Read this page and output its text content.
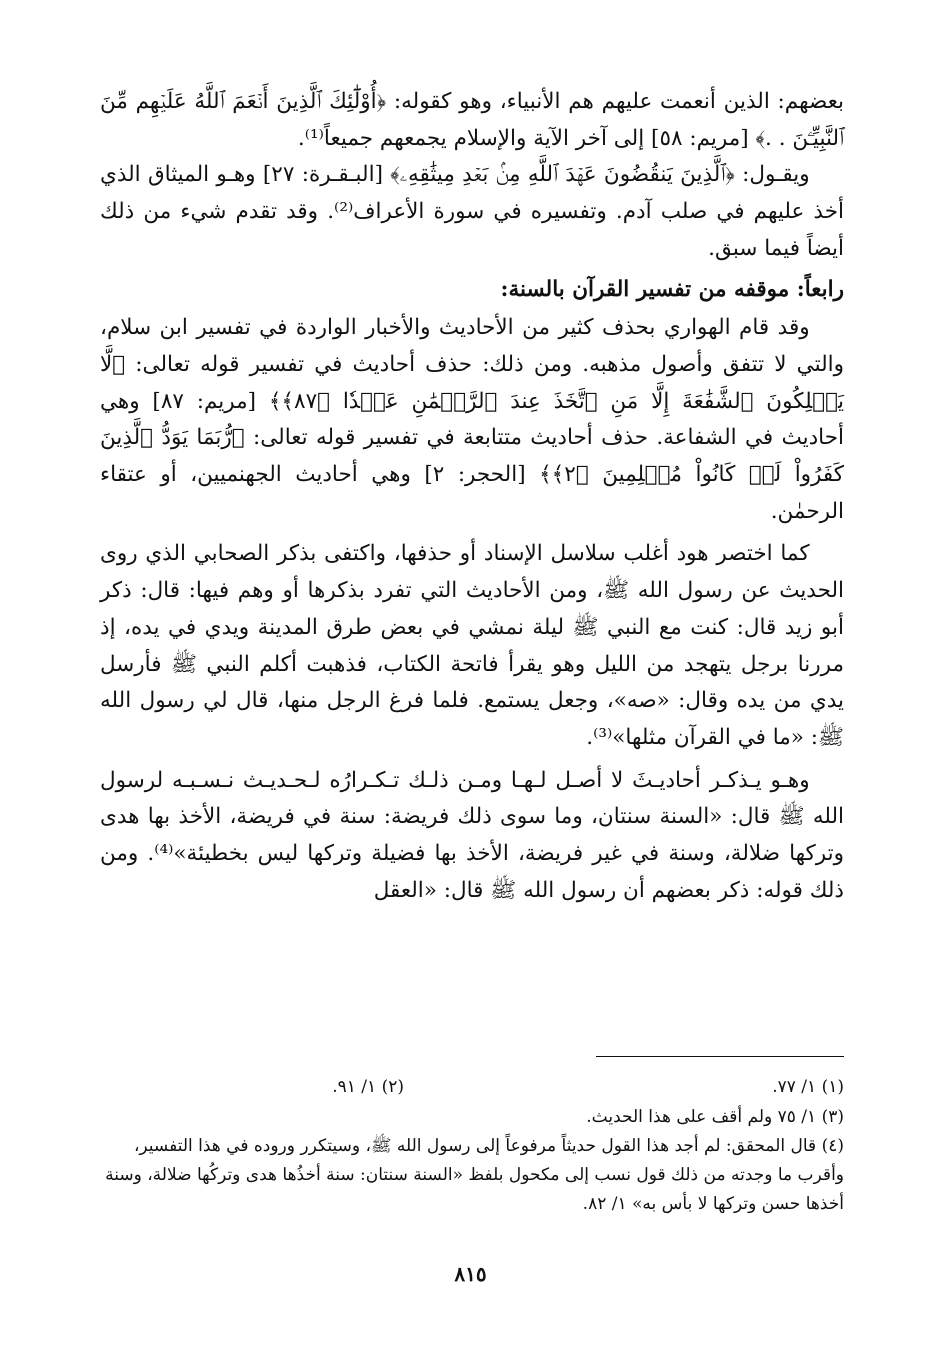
بعضهم: الذين أنعمت عليهم هم الأنبياء، وهو كقوله: ﴿أُوْلَٰٓئِكَ ٱلَّذِينَ أَنۡعَمَ ٱللَّهُ عَلَيۡهِم مِّنَ ٱلنَّبِيِّـۧنَ . .﴾ [مريم: ٥٨] إلى آخر الآية والإسلام يجمعهم جميعاً⁽¹⁾.

ويقـول: ﴿ٱلَّذِينَ يَنقُضُونَ عَهۡدَ ٱللَّهِ مِنۢ بَعۡدِ مِيثَٰقِهِۦ﴾ [البـقـرة: ٢٧] وهـو الميثاق الذي أخذ عليهم في صلب آدم. وتفسيره في سورة الأعراف⁽²⁾. وقد تقدم شيء من ذلك أيضاً فيما سبق.

رابعاً: موقفه من تفسير القرآن بالسنة:

وقد قام الهواري بحذف كثير من الأحاديث والأخبار الواردة في تفسير ابن سلام، والتي لا تتفق وأصول مذهبه. ومن ذلك: حذف أحاديث في تفسير قوله تعالى: ﴿لَّا يَمۡلِكُونَ ٱلشَّفَٰعَةَ إِلَّا مَنِ ٱتَّخَذَ عِندَ ٱلرَّحۡمَٰنِ عَهۡدٗا ﴿٨٧﴾﴾ [مريم: ٨٧] وهي أحاديث في الشفاعة. حذف أحاديث متتابعة في تفسير قوله تعالى: ﴿رُّبَمَا يَوَدُّ ٱلَّذِينَ كَفَرُواْ لَوۡ كَانُواْ مُسۡلِمِينَ ﴿٢﴾﴾ [الحجر: ٢] وهي أحاديث الجهنميين، أو عتقاء الرحمٰن.

كما اختصر هود أغلب سلاسل الإسناد أو حذفها، واكتفى بذكر الصحابي الذي روى الحديث عن رسول الله ﷺ، ومن الأحاديث التي تفرد بذكرها أو وهم فيها: قال: ذكر أبو زيد قال: كنت مع النبي ﷺ ليلة نمشي في بعض طرق المدينة ويدي في يده، إذ مررنا برجل يتهجد من الليل وهو يقرأ فاتحة الكتاب، فذهبت أكلم النبي ﷺ فأرسل يدي من يده وقال: «صه»، وجعل يستمع. فلما فرغ الرجل منها، قال لي رسول الله ﷺ: «ما في القرآن مثلها»⁽³⁾.

وهـو يـذكـر أحاديـثَ لا أصـل لـهـا ومـن ذلـك تـكـرارُه لـحـديـث نـسـبـه لرسول الله ﷺ قال: «السنة سنتان، وما سوى ذلك فريضة: سنة في فريضة، الأخذ بها هدى وتركها ضلالة، وسنة في غير فريضة، الأخذ بها فضيلة وتركها ليس بخطيئة»⁽⁴⁾. ومن ذلك قوله: ذكر بعضهم أن رسول الله ﷺ قال: «العقل

(١) ١/ ٧٧.

(٢) ١/ ٩١.

(٣) ١/ ٧٥ ولم أقف على هذا الحديث.

(٤) قال المحقق: لم أجد هذا القول حديثاً مرفوعاً إلى رسول الله ﷺ، وسيتكرر وروده في هذا التفسير، وأقرب ما وجدته من ذلك قول نسب إلى مكحول بلفظ «السنة سنتان: سنة أخذُها هدى وتركُها ضلالة، وسنة أخذها حسن وتركها لا بأس به» ١/ ٨٢.

٨١٥
